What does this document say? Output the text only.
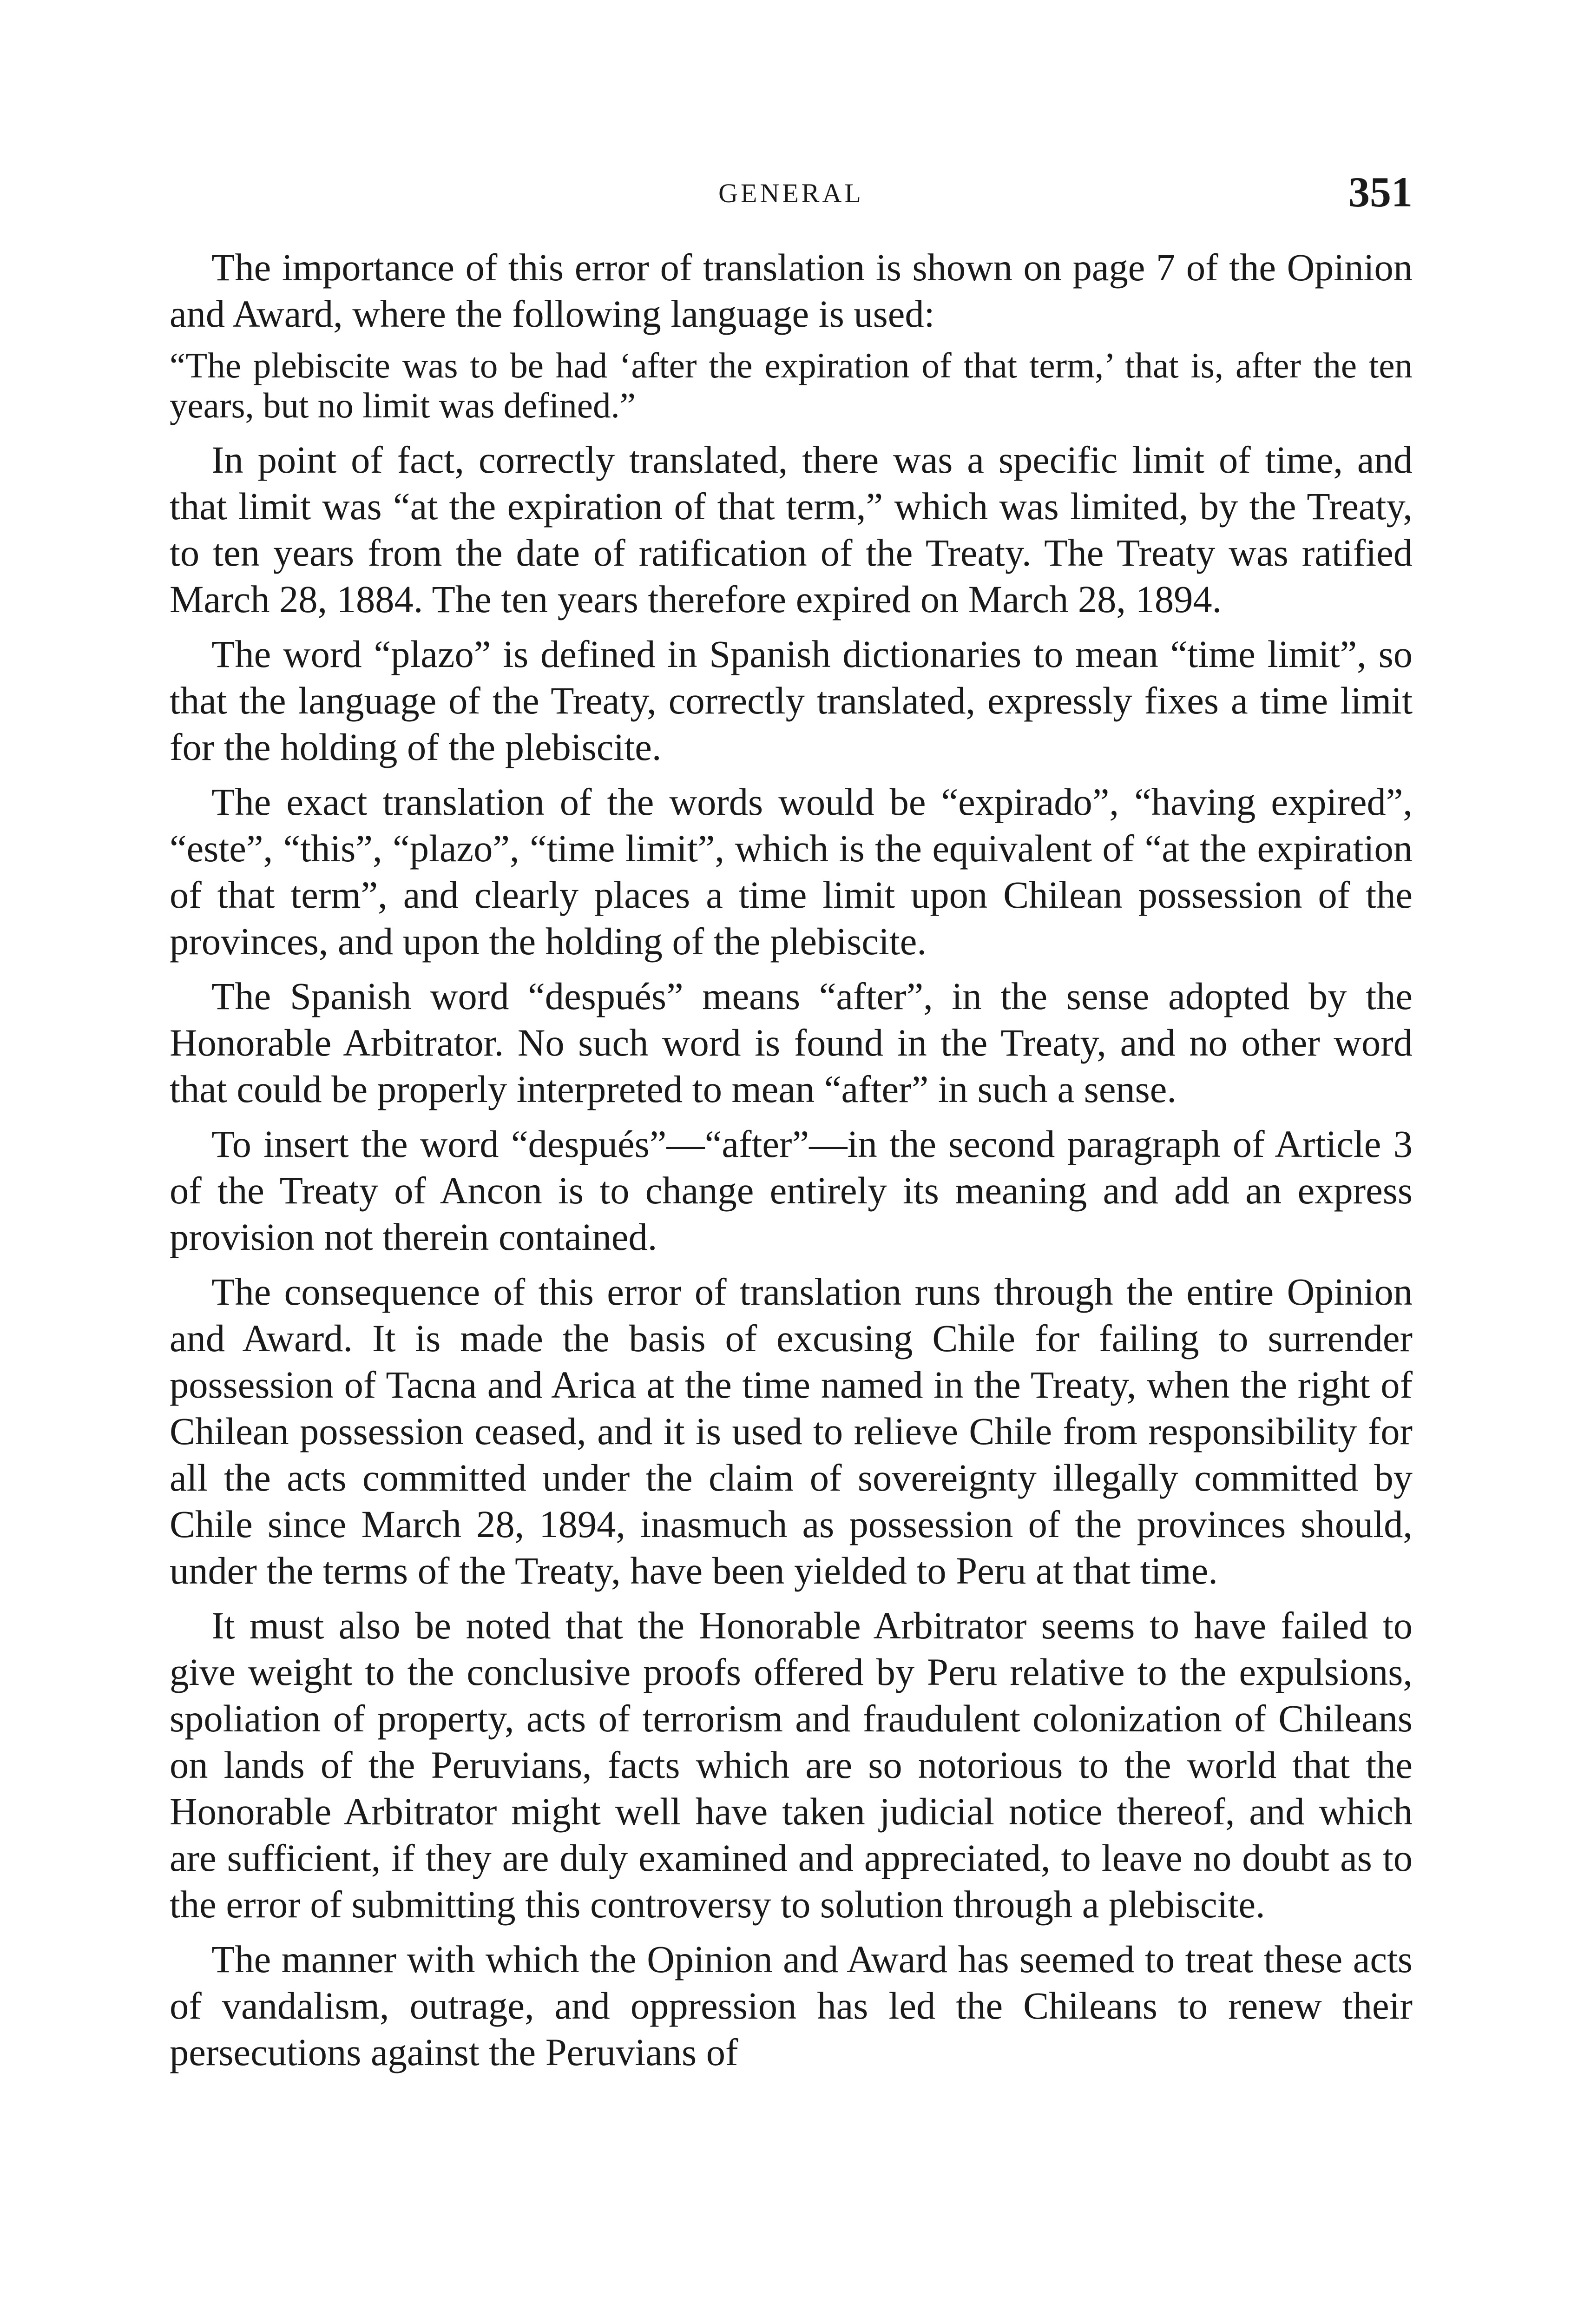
GENERAL	351

The importance of this error of translation is shown on page 7 of the Opinion and Award, where the following language is used:

“The plebiscite was to be had ‘after the expiration of that term,’ that is, after the ten years, but no limit was defined.”

In point of fact, correctly translated, there was a specific limit of time, and that limit was “at the expiration of that term,” which was limited, by the Treaty, to ten years from the date of ratification of the Treaty. The Treaty was ratified March 28, 1884. The ten years therefore expired on March 28, 1894.

The word “plazo” is defined in Spanish dictionaries to mean “time limit”, so that the language of the Treaty, correctly translated, expressly fixes a time limit for the holding of the plebiscite.

The exact translation of the words would be “expirado”, “having expired”, “este”, “this”, “plazo”, “time limit”, which is the equivalent of “at the expiration of that term”, and clearly places a time limit upon Chilean possession of the provinces, and upon the holding of the plebiscite.

The Spanish word “después” means “after”, in the sense adopted by the Honorable Arbitrator. No such word is found in the Treaty, and no other word that could be properly interpreted to mean “after” in such a sense.

To insert the word “después”—“after”—in the second paragraph of Article 3 of the Treaty of Ancon is to change entirely its meaning and add an express provision not therein contained.

The consequence of this error of translation runs through the entire Opinion and Award. It is made the basis of excusing Chile for failing to surrender possession of Tacna and Arica at the time named in the Treaty, when the right of Chilean possession ceased, and it is used to relieve Chile from responsibility for all the acts committed under the claim of sovereignty illegally committed by Chile since March 28, 1894, inasmuch as possession of the provinces should, under the terms of the Treaty, have been yielded to Peru at that time.

It must also be noted that the Honorable Arbitrator seems to have failed to give weight to the conclusive proofs offered by Peru relative to the expulsions, spoliation of property, acts of terrorism and fraudulent colonization of Chileans on lands of the Peruvians, facts which are so notorious to the world that the Honorable Arbitrator might well have taken judicial notice thereof, and which are sufficient, if they are duly examined and appreciated, to leave no doubt as to the error of submitting this controversy to solution through a plebiscite.

The manner with which the Opinion and Award has seemed to treat these acts of vandalism, outrage, and oppression has led the Chileans to renew their persecutions against the Peruvians of
